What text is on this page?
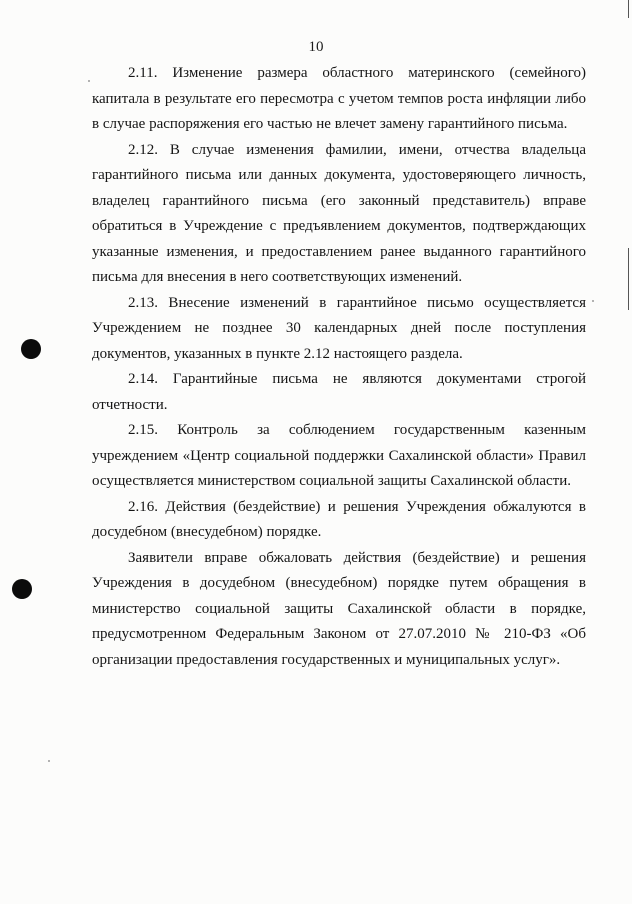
10

2.11. Изменение размера областного материнского (семейного) капитала в результате его пересмотра с учетом темпов роста инфляции либо в случае распоряжения его частью не влечет замену гарантийного письма.

2.12. В случае изменения фамилии, имени, отчества владельца гарантийного письма или данных документа, удостоверяющего личность, владелец гарантийного письма (его законный представитель) вправе обратиться в Учреждение с предъявлением документов, подтверждающих указанные изменения, и предоставлением ранее выданного гарантийного письма для внесения в него соответствующих изменений.

2.13. Внесение изменений в гарантийное письмо осуществляется Учреждением не позднее 30 календарных дней после поступления документов, указанных в пункте 2.12 настоящего раздела.

2.14. Гарантийные письма не являются документами строгой отчетности.

2.15. Контроль за соблюдением государственным казенным учреждением «Центр социальной поддержки Сахалинской области» Правил осуществляется министерством социальной защиты Сахалинской области.

2.16. Действия (бездействие) и решения Учреждения обжалуются в досудебном (внесудебном) порядке.

Заявители вправе обжаловать действия (бездействие) и решения Учреждения в досудебном (внесудебном) порядке путем обращения в министерство социальной защиты Сахалинской области в порядке, предусмотренном Федеральным Законом от 27.07.2010 № 210-ФЗ «Об организации предоставления государственных и муниципальных услуг».
